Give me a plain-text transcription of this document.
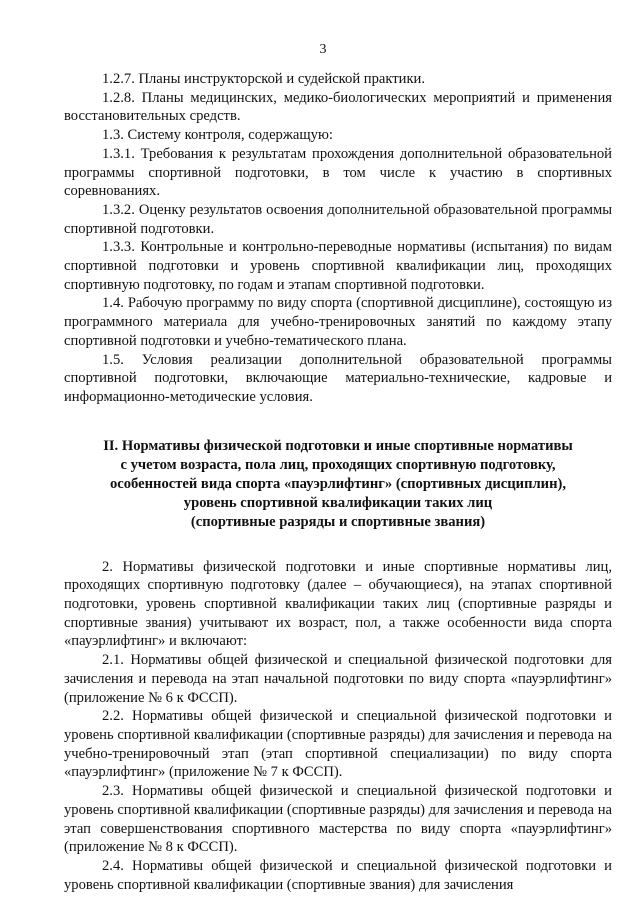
3

1.2.7. Планы инструкторской и судейской практики.

1.2.8. Планы медицинских, медико-биологических мероприятий и применения восстановительных средств.

1.3. Систему контроля, содержащую:

1.3.1. Требования к результатам прохождения дополнительной образовательной программы спортивной подготовки, в том числе к участию в спортивных соревнованиях.

1.3.2. Оценку результатов освоения дополнительной образовательной программы спортивной подготовки.

1.3.3. Контрольные и контрольно-переводные нормативы (испытания) по видам спортивной подготовки и уровень спортивной квалификации лиц, проходящих спортивную подготовку, по годам и этапам спортивной подготовки.

1.4. Рабочую программу по виду спорта (спортивной дисциплине), состоящую из программного материала для учебно-тренировочных занятий по каждому этапу спортивной подготовки и учебно-тематического плана.

1.5. Условия реализации дополнительной образовательной программы спортивной подготовки, включающие материально-технические, кадровые и информационно-методические условия.

II. Нормативы физической подготовки и иные спортивные нормативы
с учетом возраста, пола лиц, проходящих спортивную подготовку,
особенностей вида спорта «пауэрлифтинг» (спортивных дисциплин),
уровень спортивной квалификации таких лиц
(спортивные разряды и спортивные звания)

2. Нормативы физической подготовки и иные спортивные нормативы лиц, проходящих спортивную подготовку (далее – обучающиеся), на этапах спортивной подготовки, уровень спортивной квалификации таких лиц (спортивные разряды и спортивные звания) учитывают их возраст, пол, а также особенности вида спорта «пауэрлифтинг» и включают:

2.1. Нормативы общей физической и специальной физической подготовки для зачисления и перевода на этап начальной подготовки по виду спорта «пауэрлифтинг» (приложение № 6 к ФССП).

2.2. Нормативы общей физической и специальной физической подготовки и уровень спортивной квалификации (спортивные разряды) для зачисления и перевода на учебно-тренировочный этап (этап спортивной специализации) по виду спорта «пауэрлифтинг» (приложение № 7 к ФССП).

2.3. Нормативы общей физической и специальной физической подготовки и уровень спортивной квалификации (спортивные разряды) для зачисления и перевода на этап совершенствования спортивного мастерства по виду спорта «пауэрлифтинг» (приложение № 8 к ФССП).

2.4. Нормативы общей физической и специальной физической подготовки и уровень спортивной квалификации (спортивные звания) для зачисления
